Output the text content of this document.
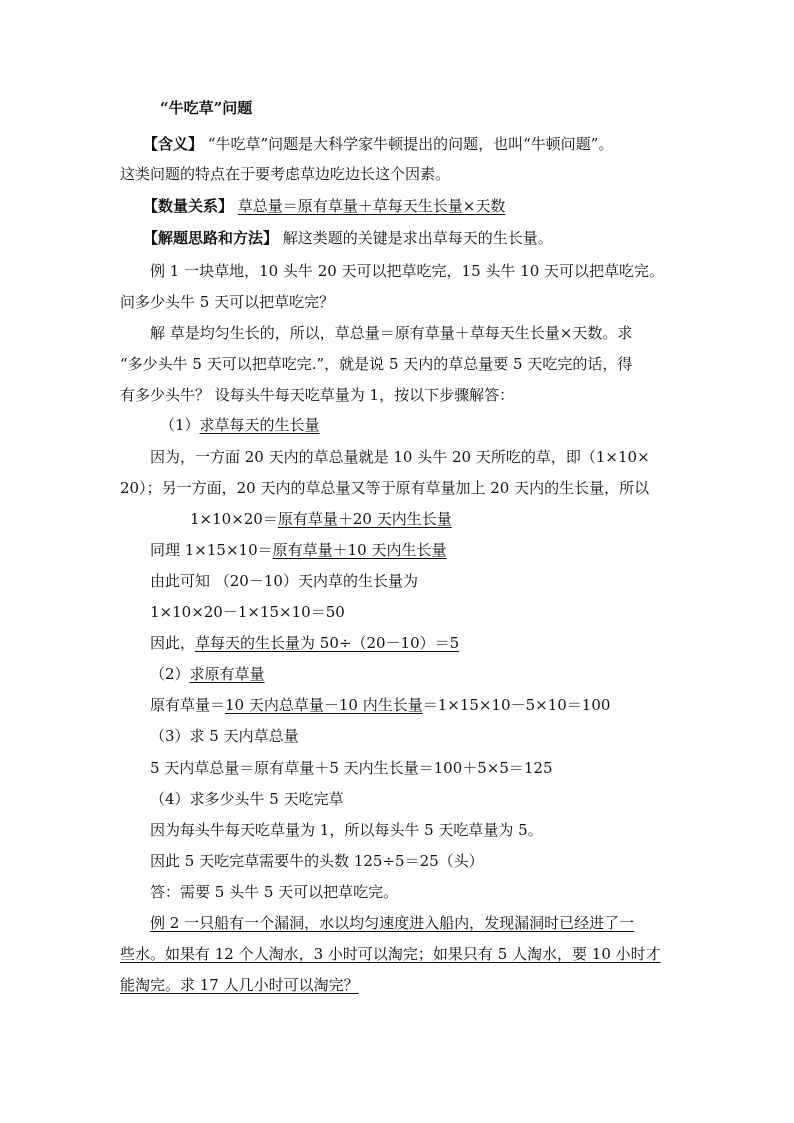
“牛吃草”问题
【含义】 “牛吃草”问题是大科学家牛顿提出的问题，也叫“牛顿问题”。
这类问题的特点在于要考虑草边吃边长这个因素。
【数量关系】 草总量＝原有草量＋草每天生长量×天数
【解题思路和方法】 解这类题的关键是求出草每天的生长量。
例 1 一块草地，10 头牛 20 天可以把草吃完，15 头牛 10 天可以把草吃完。
问多少头牛 5 天可以把草吃完？
解 草是均匀生长的，所以，草总量＝原有草量＋草每天生长量×天数。求
“多少头牛 5 天可以把草吃完.”，就是说 5 天内的草总量要 5 天吃完的话，得
有多少头牛？ 设每头牛每天吃草量为 1，按以下步骤解答：
（1）求草每天的生长量
因为，一方面 20 天内的草总量就是 10 头牛 20 天所吃的草，即（1×10×
20）；另一方面，20 天内的草总量又等于原有草量加上 20 天内的生长量，所以
1×10×20＝原有草量＋20 天内生长量
同理 1×15×10＝原有草量＋10 天内生长量
由此可知 （20－10）天内草的生长量为
1×10×20－1×15×10＝50
因此，草每天的生长量为 50÷（20－10）＝5
（2）求原有草量
原有草量＝10 天内总草量－10 内生长量＝1×15×10－5×10＝100
（3）求 5 天内草总量
5 天内草总量＝原有草量＋5 天内生长量＝100＋5×5＝125
（4）求多少头牛 5 天吃完草
因为每头牛每天吃草量为 1，所以每头牛 5 天吃草量为 5。
因此 5 天吃完草需要牛的头数 125÷5＝25（头）
答：需要 5 头牛 5 天可以把草吃完。
例 2 一只船有一个漏洞，水以均匀速度进入船内，发现漏洞时已经进了一
些水。如果有 12 个人淘水，3 小时可以淘完；如果只有 5 人淘水，要 10 小时才
能淘完。求 17 人几小时可以淘完？
